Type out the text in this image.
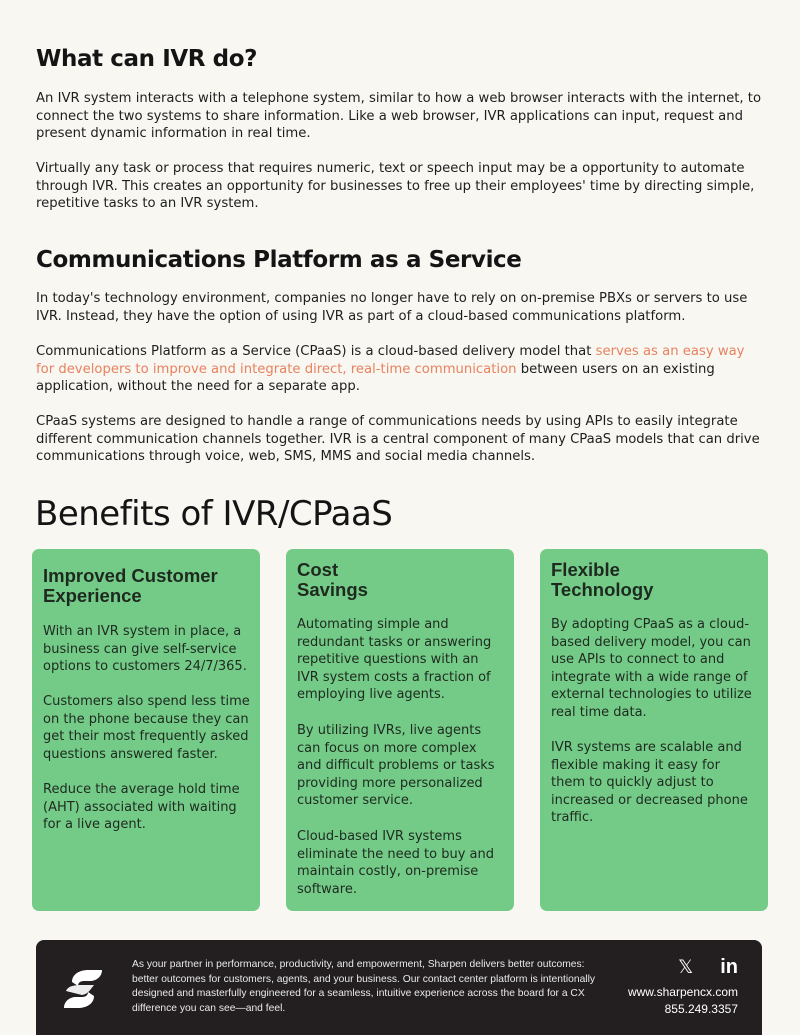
What can IVR do?

An IVR system interacts with a telephone system, similar to how a web browser interacts with the internet, to connect the two systems to share information. Like a web browser, IVR applications can input, request and present dynamic information in real time.

Virtually any task or process that requires numeric, text or speech input may be a opportunity to automate through IVR. This creates an opportunity for businesses to free up their employees' time by directing simple, repetitive tasks to an IVR system.

Communications Platform as a Service

In today's technology environment, companies no longer have to rely on on-premise PBXs or servers to use IVR. Instead, they have the option of using IVR as part of a cloud-based communications platform.

Communications Platform as a Service (CPaaS) is a cloud-based delivery model that serves as an easy way for developers to improve and integrate direct, real-time communication between users on an existing application, without the need for a separate app.

CPaaS systems are designed to handle a range of communications needs by using APIs to easily integrate different communication channels together. IVR is a central component of many CPaaS models that can drive communications through voice, web, SMS, MMS and social media channels.

Benefits of IVR/CPaaS
Improved Customer
Experience
With an IVR system in place, a business can give self-service options to customers 24/7/365.
Customers also spend less time on the phone because they can get their most frequently asked questions answered faster.
Reduce the average hold time (AHT) associated with waiting for a live agent.
Cost
Savings
Automating simple and redundant tasks or answering repetitive questions with an IVR system costs a fraction of employing live agents.
By utilizing IVRs, live agents can focus on more complex and difficult problems or tasks providing more personalized customer service.
Cloud-based IVR systems eliminate the need to buy and maintain costly, on-premise software.
Flexible
Technology
By adopting CPaaS as a cloud-based delivery model, you can use APIs to connect to and integrate with a wide range of external technologies to utilize real time data.
IVR systems are scalable and flexible making it easy for them to quickly adjust to increased or decreased phone traffic.
As your partner in performance, productivity, and empowerment, Sharpen delivers better outcomes: better outcomes for customers, agents, and your business. Our contact center platform is intentionally designed and masterfully engineered for a seamless, intuitive experience across the board for a CX difference you can see—and feel.
𝕏 in
www.sharpencx.com
855.249.3357
